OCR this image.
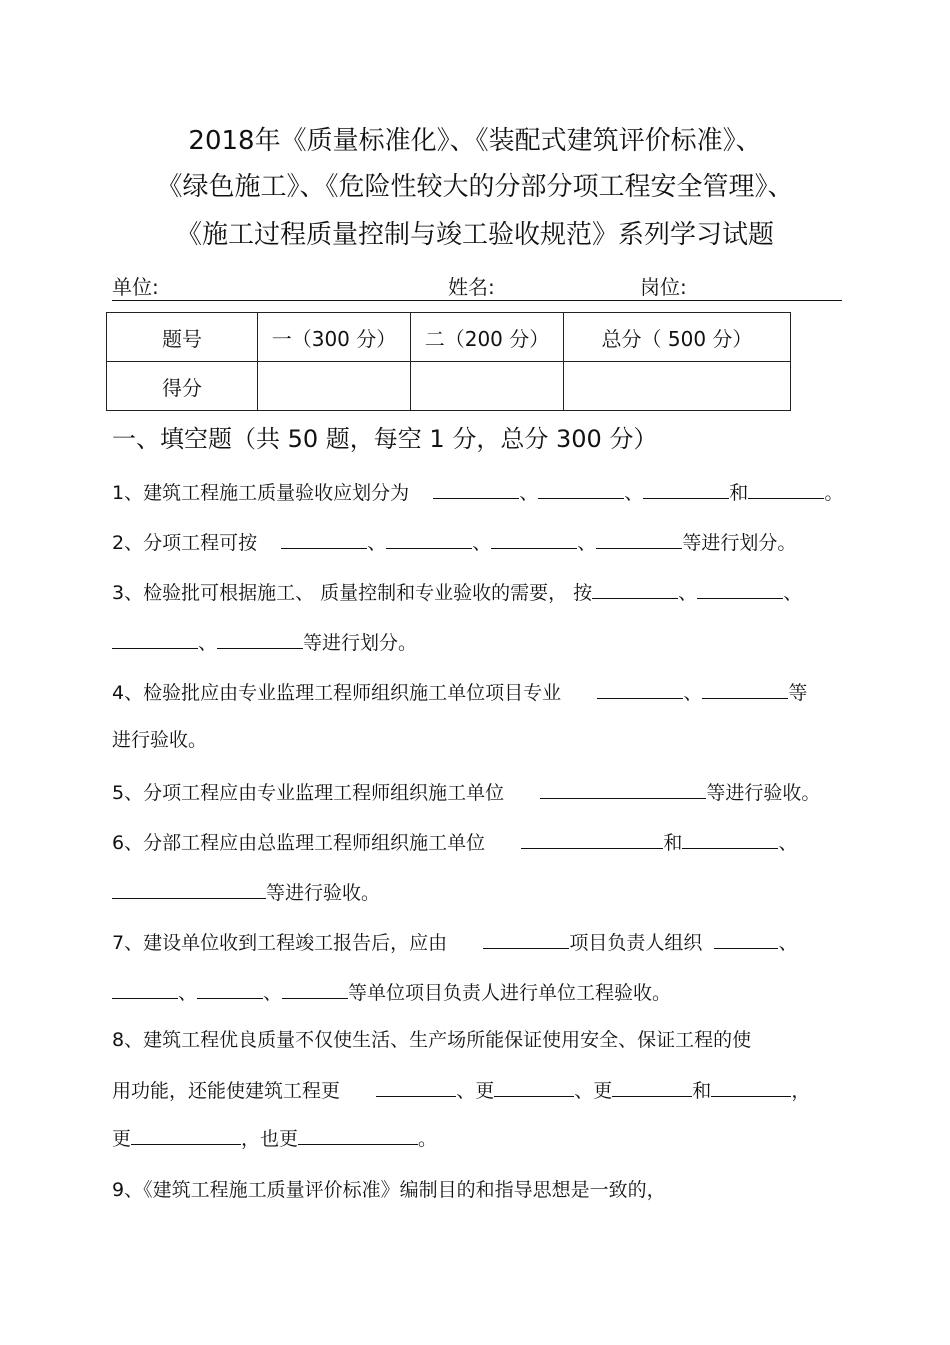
2018年《质量标准化》、《装配式建筑评价标准》、
《绿色施工》、《危险性较大的分部分项工程安全管理》、
《施工过程质量控制与竣工验收规范》系列学习试题
单位:	姓名:	岗位:
题号	一（300 分）	二（200 分）	总分（ 500 分）
得分			
一、填空题（共 50 题，每空 1 分，总分 300 分）
1、建筑工程施工质量验收应划分为	、	、	和	。
2、分项工程可按	、	、	、	等进行划分。
3、检验批可根据施工、 质量控制和专业验收的需要， 按	、	、
、	等进行划分。
4、检验批应由专业监理工程师组织施工单位项目专业	、	等
进行验收。
5、分项工程应由专业监理工程师组织施工单位	等进行验收。
6、分部工程应由总监理工程师组织施工单位	和	、
等进行验收。
7、建设单位收到工程竣工报告后，应由	项目负责人组织	、
、	、	等单位项目负责人进行单位工程验收。
8、建筑工程优良质量不仅使生活、生产场所能保证使用安全、保证工程的使
用功能，还能使建筑工程更	、更	、更	和	，
更	，也更	。
9、《建筑工程施工质量评价标准》编制目的和指导思想是一致的，
